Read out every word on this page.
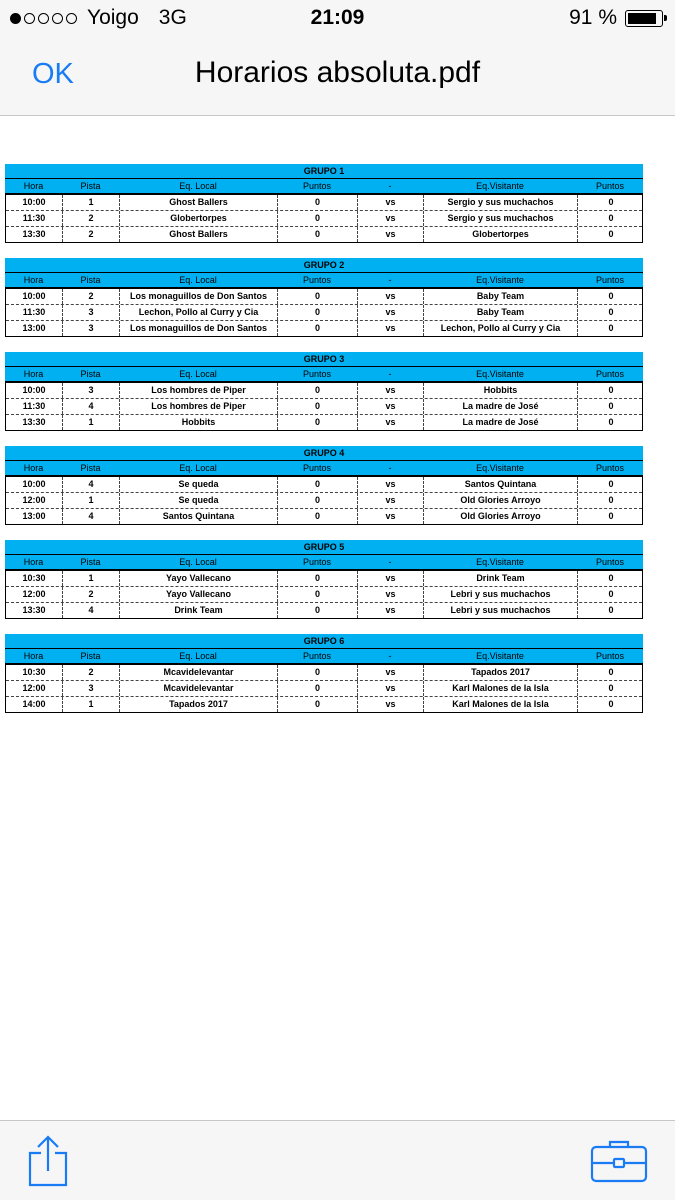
Yoigo 3G	21:09	91 %
OK	Horarios absoluta.pdf
GRUPO 1
Hora	Pista	Eq. Local	Puntos	-	Eq.Visitante	Puntos
10:00	1	Ghost Ballers	0	vs	Sergio y sus muchachos	0
11:30	2	Globertorpes	0	vs	Sergio y sus muchachos	0
13:30	2	Ghost Ballers	0	vs	Globertorpes	0
GRUPO 2
Hora	Pista	Eq. Local	Puntos	-	Eq.Visitante	Puntos
10:00	2	Los monaguillos de Don Santos	0	vs	Baby Team	0
11:30	3	Lechon, Pollo al Curry y Cia	0	vs	Baby Team	0
13:00	3	Los monaguillos de Don Santos	0	vs	Lechon, Pollo al Curry y Cia	0
GRUPO 3
Hora	Pista	Eq. Local	Puntos	-	Eq.Visitante	Puntos
10:00	3	Los hombres de Piper	0	vs	Hobbits	0
11:30	4	Los hombres de Piper	0	vs	La madre de José	0
13:30	1	Hobbits	0	vs	La madre de José	0
GRUPO 4
Hora	Pista	Eq. Local	Puntos	-	Eq.Visitante	Puntos
10:00	4	Se queda	0	vs	Santos Quintana	0
12:00	1	Se queda	0	vs	Old Glories Arroyo	0
13:00	4	Santos Quintana	0	vs	Old Glories Arroyo	0
GRUPO 5
Hora	Pista	Eq. Local	Puntos	-	Eq.Visitante	Puntos
10:30	1	Yayo Vallecano	0	vs	Drink Team	0
12:00	2	Yayo Vallecano	0	vs	Lebri y sus muchachos	0
13:30	4	Drink Team	0	vs	Lebri y sus muchachos	0
GRUPO 6
Hora	Pista	Eq. Local	Puntos	-	Eq.Visitante	Puntos
10:30	2	Mcavidelevantar	0	vs	Tapados 2017	0
12:00	3	Mcavidelevantar	0	vs	Karl Malones de la Isla	0
14:00	1	Tapados 2017	0	vs	Karl Malones de la Isla	0
